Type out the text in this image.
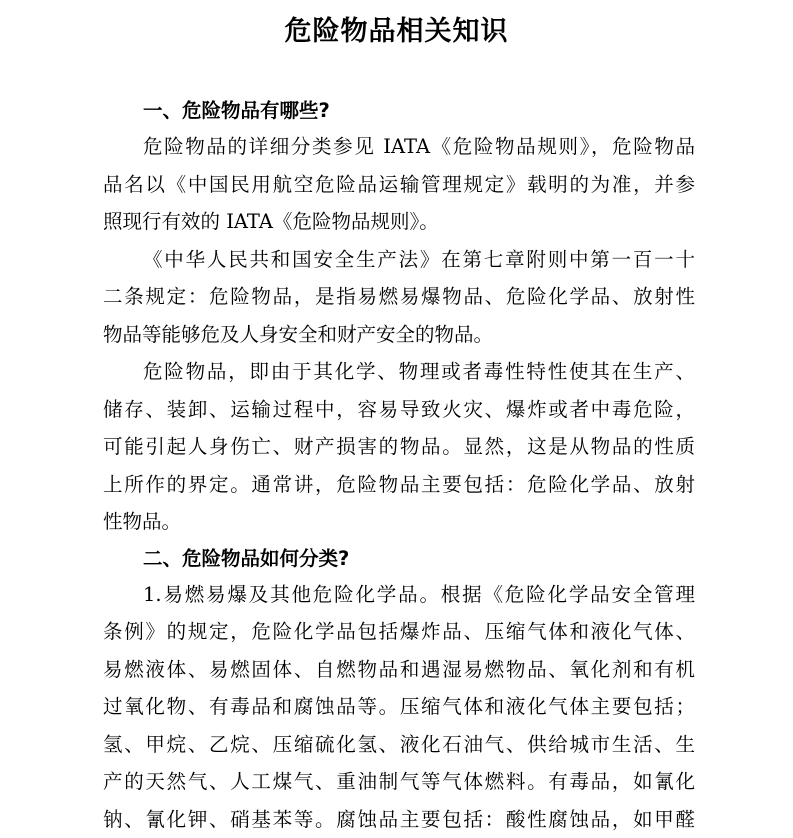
危险物品相关知识

一、危险物品有哪些?

危险物品的详细分类参见 IATA《危险物品规则》，危险物品

品名以《中国民用航空危险品运输管理规定》载明的为准，并参

照现行有效的 IATA《危险物品规则》。

《中华人民共和国安全生产法》在第七章附则中第一百一十

二条规定：危险物品，是指易燃易爆物品、危险化学品、放射性

物品等能够危及人身安全和财产安全的物品。

危险物品，即由于其化学、物理或者毒性特性使其在生产、

储存、装卸、运输过程中，容易导致火灾、爆炸或者中毒危险，

可能引起人身伤亡、财产损害的物品。显然，这是从物品的性质

上所作的界定。通常讲，危险物品主要包括：危险化学品、放射

性物品。

二、危险物品如何分类?

1.易燃易爆及其他危险化学品。根据《危险化学品安全管理

条例》的规定，危险化学品包括爆炸品、压缩气体和液化气体、

易燃液体、易燃固体、自燃物品和遇湿易燃物品、氧化剂和有机

过氧化物、有毒品和腐蚀品等。压缩气体和液化气体主要包括；

氢、甲烷、乙烷、压缩硫化氢、液化石油气、供给城市生活、生

产的天然气、人工煤气、重油制气等气体燃料。有毒品，如氰化

钠、氰化钾、硝基苯等。腐蚀品主要包括：酸性腐蚀品，如甲醛
